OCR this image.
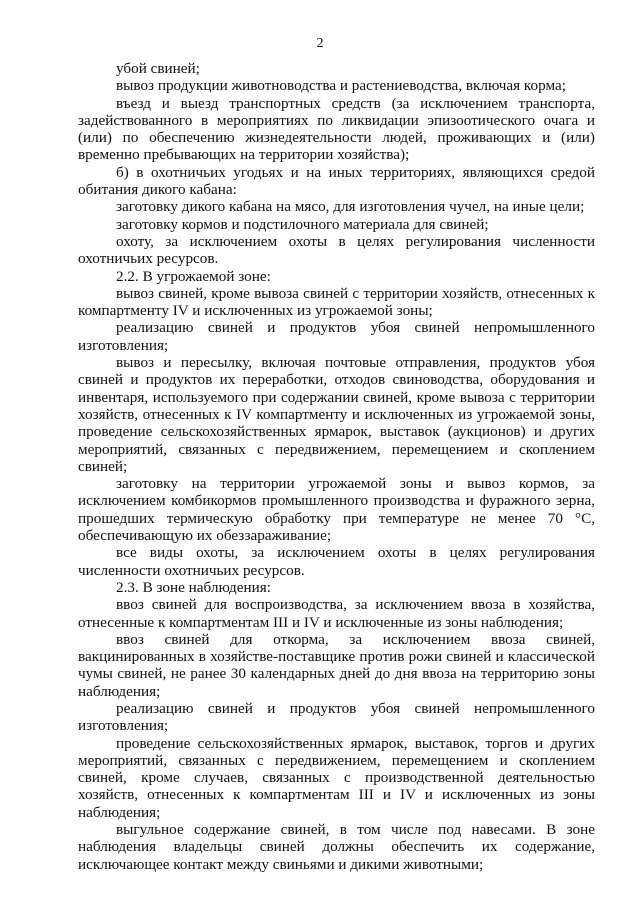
2

убой свиней;

вывоз продукции животноводства и растениеводства, включая корма;

въезд и выезд транспортных средств (за исключением транспорта, задействованного в мероприятиях по ликвидации эпизоотического очага и (или) по обеспечению жизнедеятельности людей, проживающих и (или) временно пребывающих на территории хозяйства);

б) в охотничьих угодьях и на иных территориях, являющихся средой обитания дикого кабана:

заготовку дикого кабана на мясо, для изготовления чучел, на иные цели;

заготовку кормов и подстилочного материала для свиней;

охоту, за исключением охоты в целях регулирования численности охотничьих ресурсов.

2.2. В угрожаемой зоне:

вывоз свиней, кроме вывоза свиней с территории хозяйств, отнесенных к компартменту IV и исключенных из угрожаемой зоны;

реализацию свиней и продуктов убоя свиней непромышленного изготовления;

вывоз и пересылку, включая почтовые отправления, продуктов убоя свиней и продуктов их переработки, отходов свиноводства, оборудования и инвентаря, используемого при содержании свиней, кроме вывоза с территории хозяйств, отнесенных к IV компартменту и исключенных из угрожаемой зоны, проведение сельскохозяйственных ярмарок, выставок (аукционов) и других мероприятий, связанных с передвижением, перемещением и скоплением свиней;

заготовку на территории угрожаемой зоны и вывоз кормов, за исключением комбикормов промышленного производства и фуражного зерна, прошедших термическую обработку при температуре не менее 70 °С, обеспечивающую их обеззараживание;

все виды охоты, за исключением охоты в целях регулирования численности охотничьих ресурсов.

2.3. В зоне наблюдения:

ввоз свиней для воспроизводства, за исключением ввоза в хозяйства, отнесенные к компартментам III и IV и исключенные из зоны наблюдения;

ввоз свиней для откорма, за исключением ввоза свиней, вакцинированных в хозяйстве-поставщике против рожи свиней и классической чумы свиней, не ранее 30 календарных дней до дня ввоза на территорию зоны наблюдения;

реализацию свиней и продуктов убоя свиней непромышленного изготовления;

проведение сельскохозяйственных ярмарок, выставок, торгов и других мероприятий, связанных с передвижением, перемещением и скоплением свиней, кроме случаев, связанных с производственной деятельностью хозяйств, отнесенных к компартментам III и IV и исключенных из зоны наблюдения;

выгульное содержание свиней, в том числе под навесами. В зоне наблюдения владельцы свиней должны обеспечить их содержание, исключающее контакт между свиньями и дикими животными;
